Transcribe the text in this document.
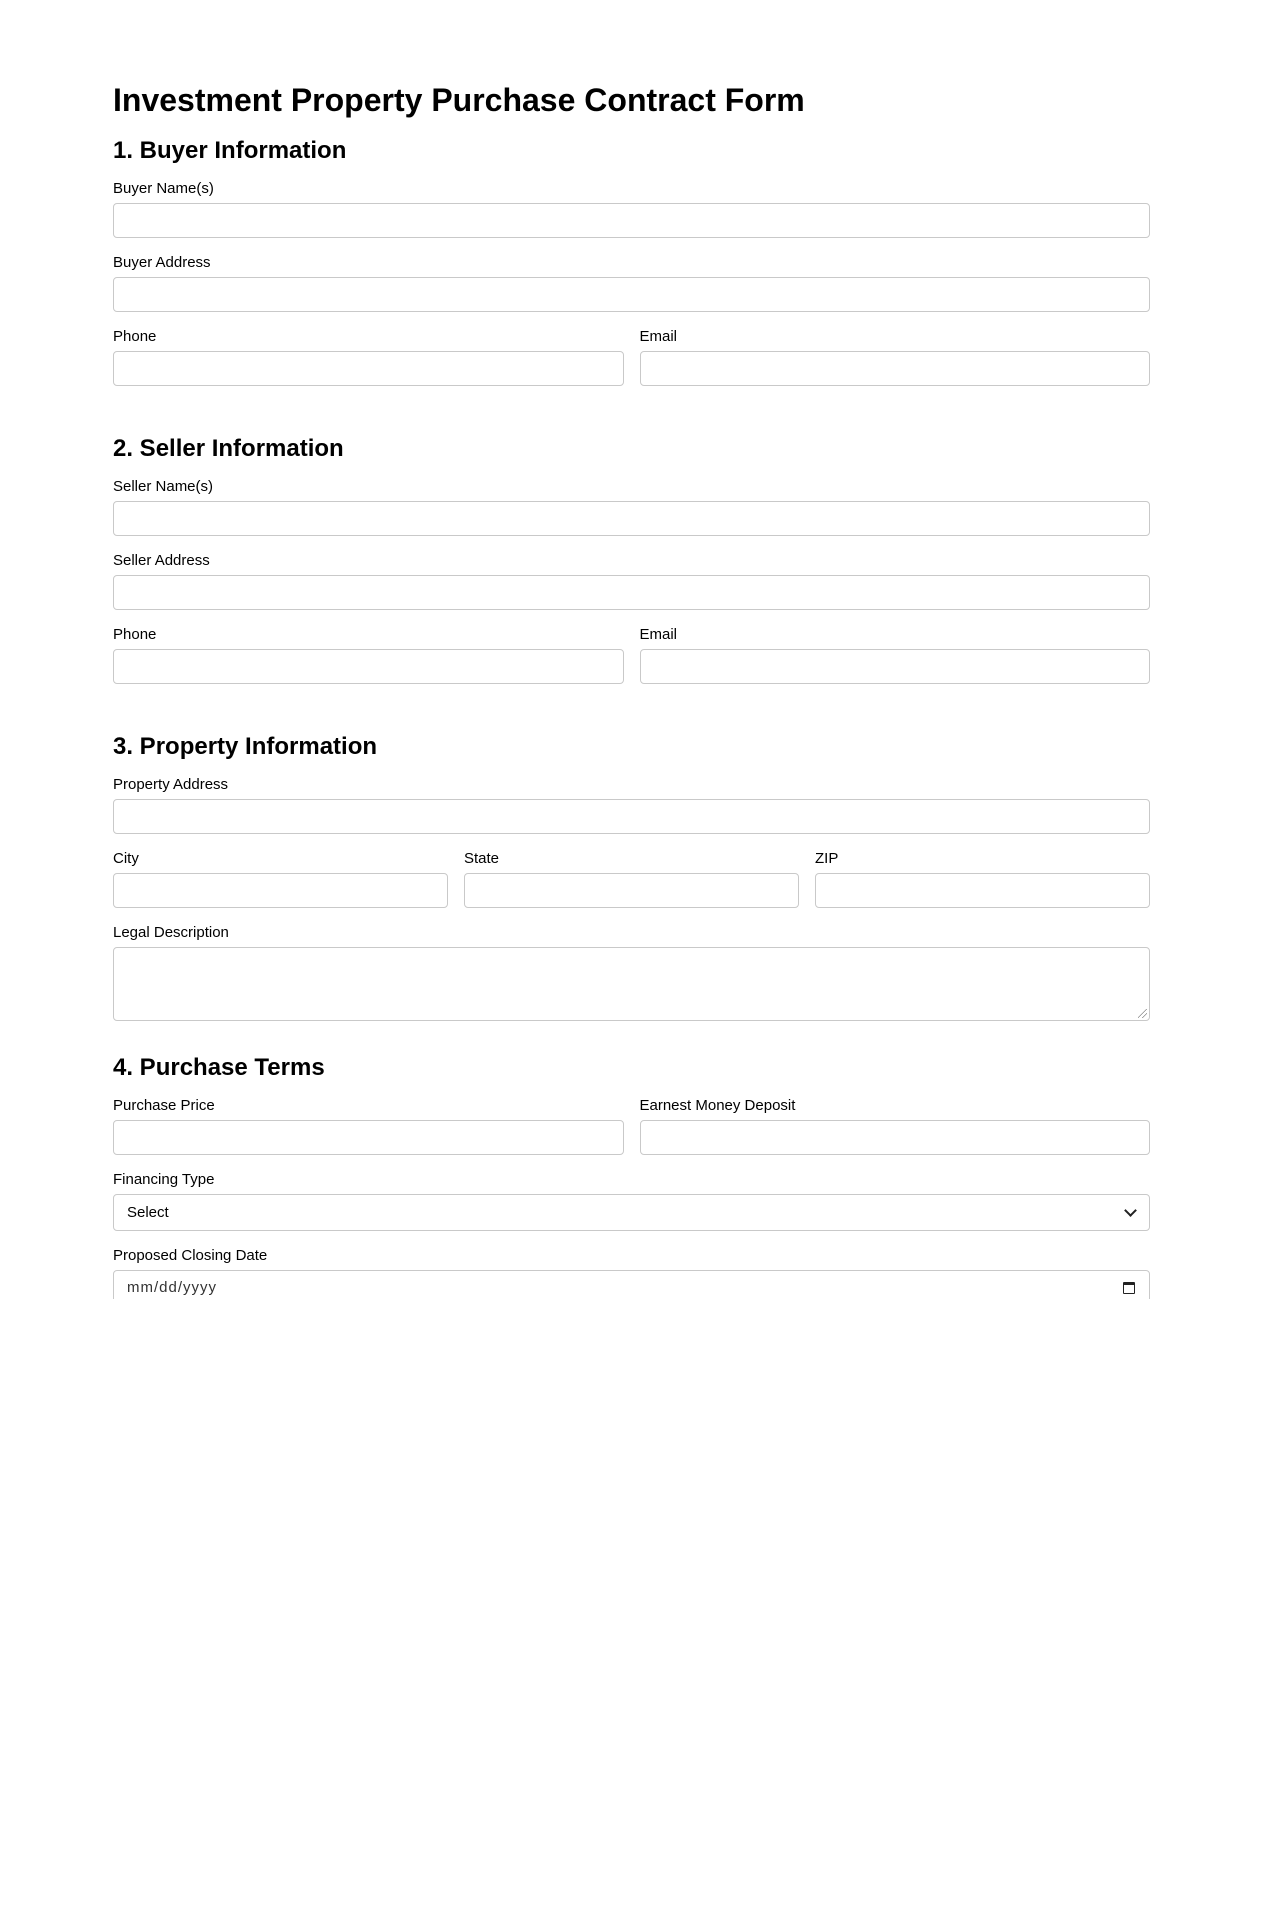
Investment Property Purchase Contract Form
1. Buyer Information
Buyer Name(s)
Buyer Address
Phone	Email
2. Seller Information
Seller Name(s)
Seller Address
Phone	Email
3. Property Information
Property Address
City	State	ZIP
Legal Description
4. Purchase Terms
Purchase Price	Earnest Money Deposit
Financing Type
Select
Proposed Closing Date
mm/dd/yyyy
